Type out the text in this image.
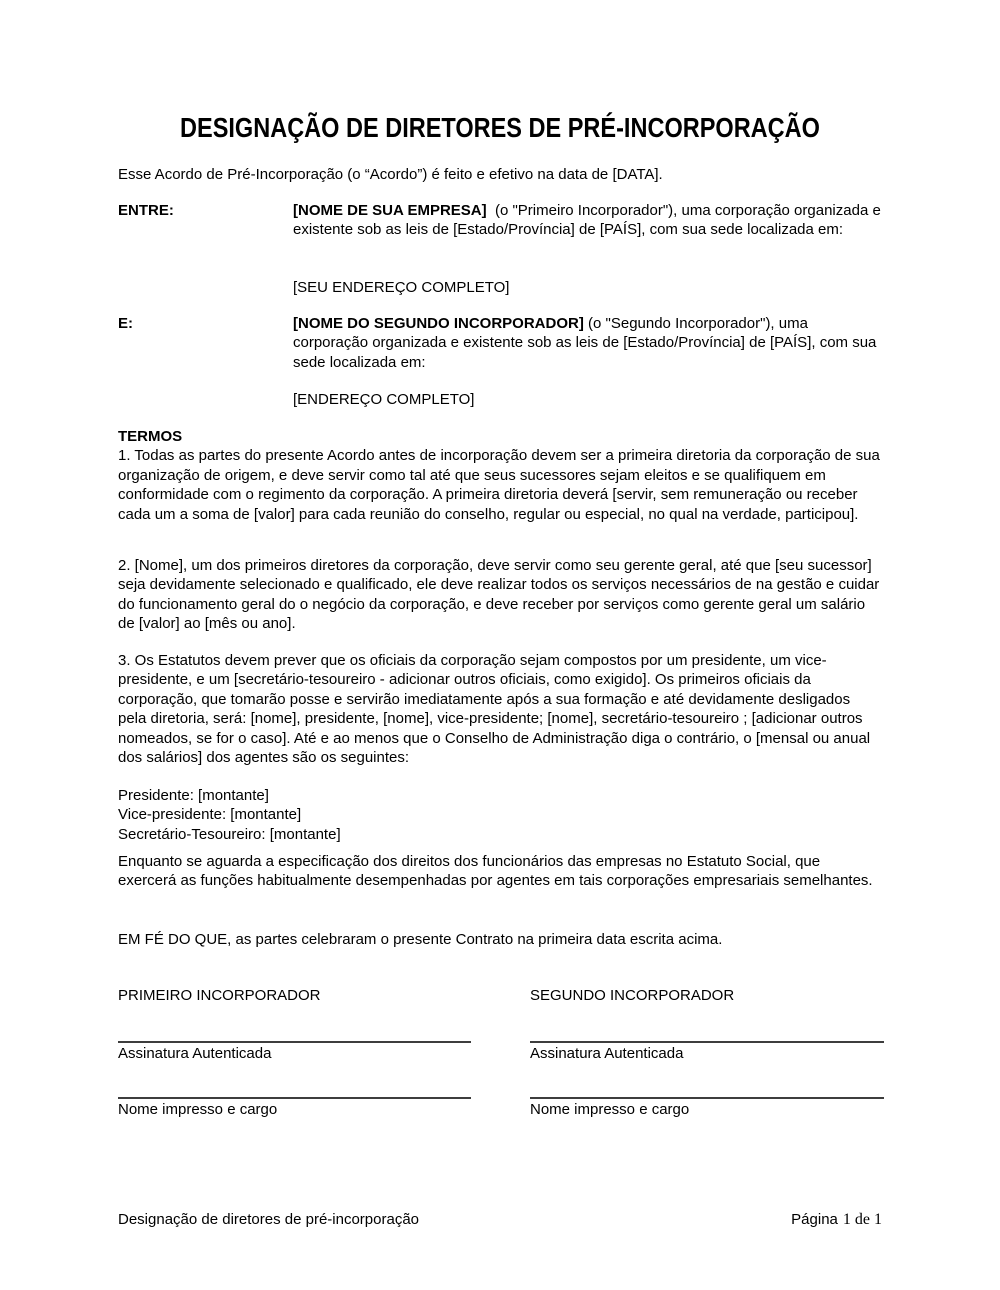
DESIGNAÇÃO DE DIRETORES DE PRÉ-INCORPORAÇÃO

Esse Acordo de Pré-Incorporação (o “Acordo”) é feito e efetivo na data de [DATA].

ENTRE:	[NOME DE SUA EMPRESA]  (o "Primeiro Incorporador"), uma corporação organizada e existente sob as leis de [Estado/Província] de [PAÍS], com sua sede localizada em:

[SEU ENDEREÇO COMPLETO]

E:	[NOME DO SEGUNDO INCORPORADOR] (o "Segundo Incorporador"), uma corporação organizada e existente sob as leis de [Estado/Província] de [PAÍS], com sua sede localizada em:

[ENDEREÇO COMPLETO]

TERMOS

1. Todas as partes do presente Acordo antes de incorporação devem ser a primeira diretoria da corporação de sua organização de origem, e deve servir como tal até que seus sucessores sejam eleitos e se qualifiquem em conformidade com o regimento da corporação. A primeira diretoria deverá [servir, sem remuneração ou receber cada um a soma de [valor] para cada reunião do conselho, regular ou especial, no qual na verdade, participou].

2. [Nome], um dos primeiros diretores da corporação, deve servir como seu gerente geral, até que [seu sucessor] seja devidamente selecionado e qualificado, ele deve realizar todos os serviços necessários de na gestão e cuidar do funcionamento geral do o negócio da corporação, e deve receber por serviços como gerente geral um salário de [valor] ao [mês ou ano].

3. Os Estatutos devem prever que os oficiais da corporação sejam compostos por um presidente, um vice-presidente, e um [secretário-tesoureiro - adicionar outros oficiais, como exigido]. Os primeiros oficiais da corporação, que tomarão posse e servirão imediatamente após a sua formação e até devidamente desligados pela diretoria, será: [nome], presidente, [nome], vice-presidente; [nome], secretário-tesoureiro ; [adicionar outros nomeados, se for o caso]. Até e ao menos que o Conselho de Administração diga o contrário, o [mensal ou anual dos salários] dos agentes são os seguintes:

Presidente: [montante]
Vice-presidente: [montante]
Secretário-Tesoureiro: [montante]

Enquanto se aguarda a especificação dos direitos dos funcionários das empresas no Estatuto Social, que exercerá as funções habitualmente desempenhadas por agentes em tais corporações empresariais semelhantes.

EM FÉ DO QUE, as partes celebraram o presente Contrato na primeira data escrita acima.

PRIMEIRO INCORPORADOR

Assinatura Autenticada

Nome impresso e cargo

SEGUNDO INCORPORADOR

Assinatura Autenticada

Nome impresso e cargo

Designação de diretores de pré-incorporação	Página 1 de 1
